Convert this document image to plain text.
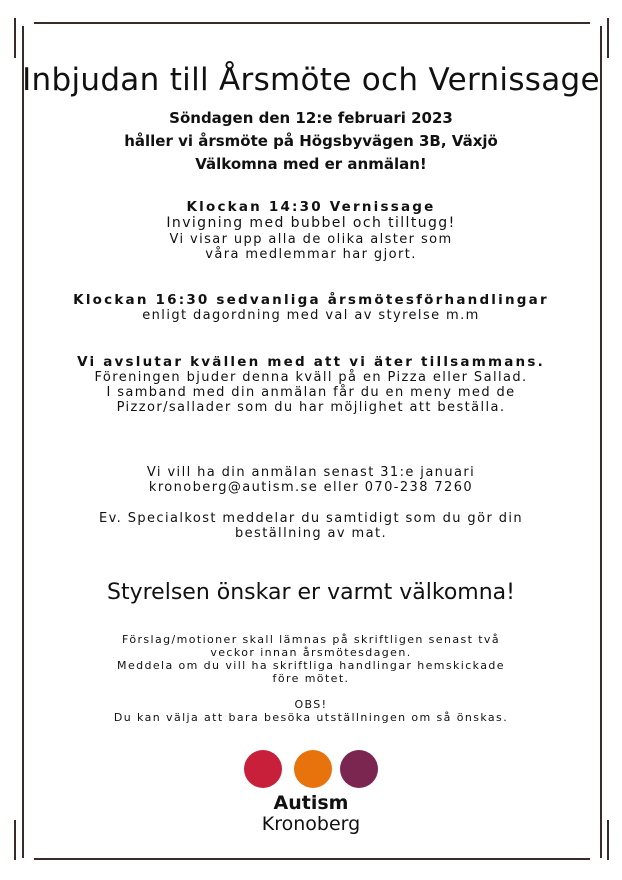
Inbjudan till Årsmöte och Vernissage
Söndagen den 12:e februari 2023
håller vi årsmöte på Högsbyvägen 3B, Växjö
Välkomna med er anmälan!
Klockan 14:30 Vernissage
Invigning med bubbel och tilltugg!
Vi visar upp alla de olika alster som
våra medlemmar har gjort.
Klockan 16:30 sedvanliga årsmötesförhandlingar
enligt dagordning med val av styrelse m.m
Vi avslutar kvällen med att vi äter tillsammans.
Föreningen bjuder denna kväll på en Pizza eller Sallad.
I samband med din anmälan får du en meny med de
Pizzor/sallader som du har möjlighet att beställa.
Vi vill ha din anmälan senast 31:e januari
kronoberg@autism.se eller 070-238 7260
Ev. Specialkost meddelar du samtidigt som du gör din
beställning av mat.
Styrelsen önskar er varmt välkomna!
Förslag/motioner skall lämnas på skriftligen senast två
veckor innan årsmötesdagen.
Meddela om du vill ha skriftliga handlingar hemskickade
före mötet.
OBS!
Du kan välja att bara besöka utställningen om så önskas.
Autism
Kronoberg
